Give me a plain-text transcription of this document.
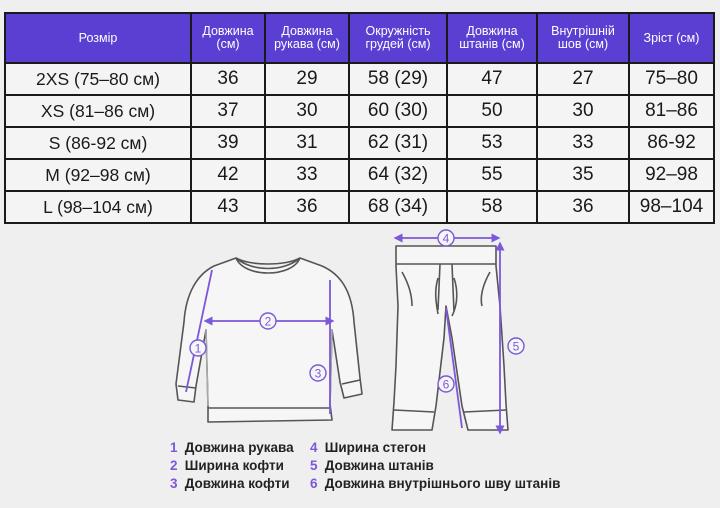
Розмір	Довжина (см)	Довжина рукава (см)	Окружність грудей (см)	Довжина штанів (см)	Внутрішній шов (см)	Зріст (см)
2XS (75–80 см)	36	29	58 (29)	47	27	75–80
XS (81–86 см)	37	30	60 (30)	50	30	81–86
S (86-92 см)	39	31	62 (31)	53	33	86-92
M (92–98 см)	42	33	64 (32)	55	35	92–98
L (98–104 см)	43	36	68 (34)	58	36	98–104
1
2
3
4
5
6
1 Довжина рукава
2 Ширина кофти
3 Довжина кофти
4 Ширина стегон
5 Довжина штанів
6 Довжина внутрішнього шву штанів
